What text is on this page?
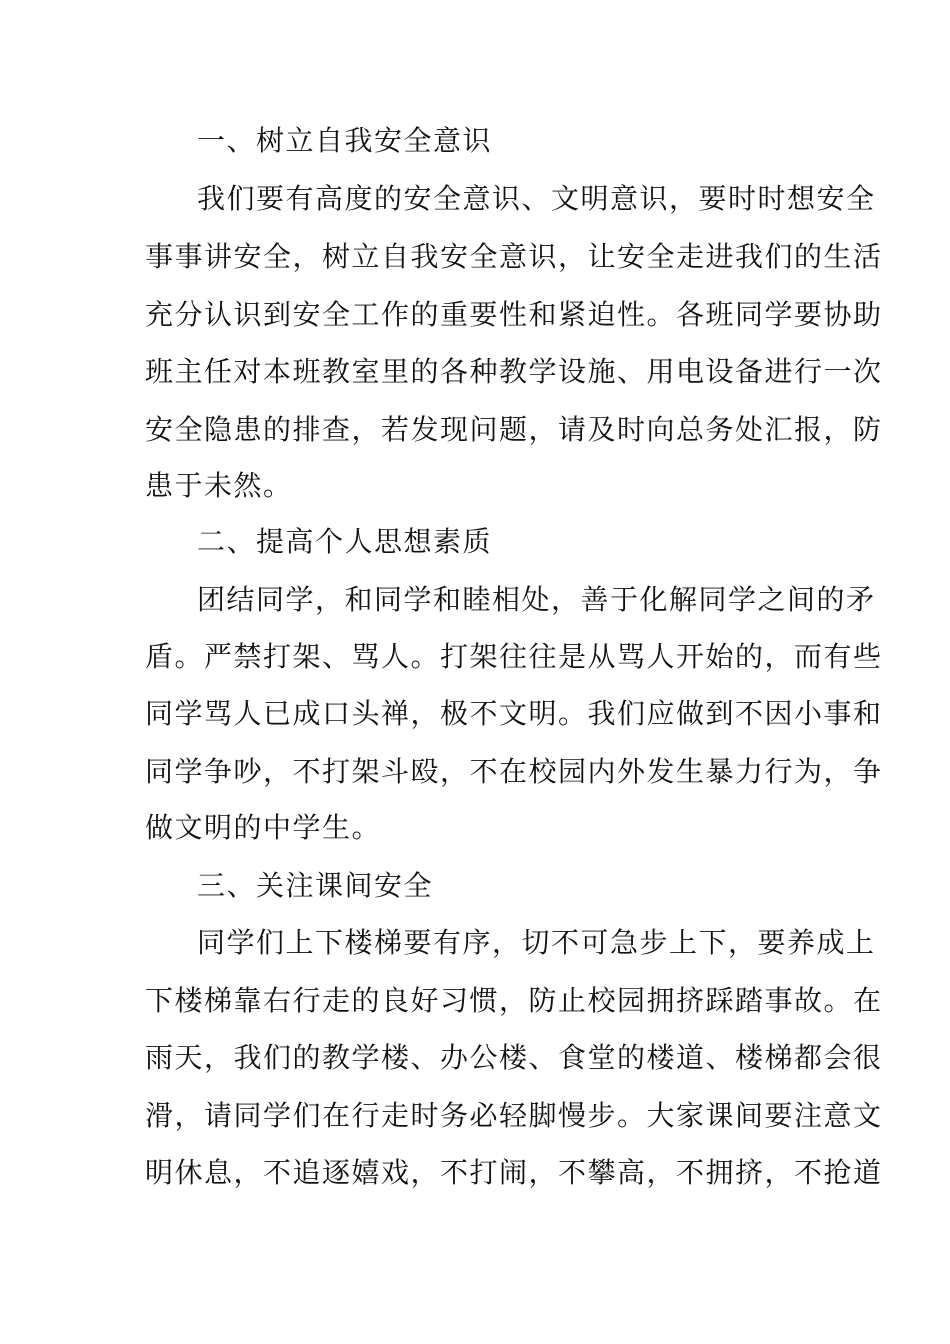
一、树立自我安全意识
我们要有高度的安全意识、文明意识，要时时想安全
事事讲安全，树立自我安全意识，让安全走进我们的生活
充分认识到安全工作的重要性和紧迫性。各班同学要协助
班主任对本班教室里的各种教学设施、用电设备进行一次
安全隐患的排查，若发现问题，请及时向总务处汇报，防
患于未然。
二、提高个人思想素质
团结同学，和同学和睦相处，善于化解同学之间的矛
盾。严禁打架、骂人。打架往往是从骂人开始的，而有些
同学骂人已成口头禅，极不文明。我们应做到不因小事和
同学争吵，不打架斗殴，不在校园内外发生暴力行为，争
做文明的中学生。
三、关注课间安全
同学们上下楼梯要有序，切不可急步上下，要养成上
下楼梯靠右行走的良好习惯，防止校园拥挤踩踏事故。在
雨天，我们的教学楼、办公楼、食堂的楼道、楼梯都会很
滑，请同学们在行走时务必轻脚慢步。大家课间要注意文
明休息，不追逐嬉戏，不打闹，不攀高，不拥挤，不抢道
